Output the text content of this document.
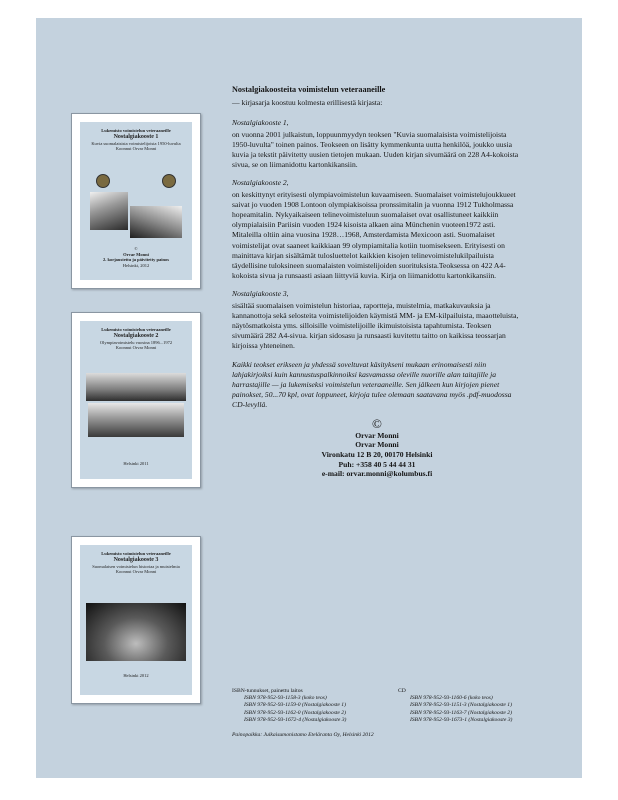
Lukemisto voimistelun veteraaneille
Nostalgiakooste 1
Kuvia suomalaisista voimistelijoista 1950-luvulta
Koonnut Orvar Monni
©
Orvar Monni
2. korjaustettu ja päivitetty painos
Helsinki, 2012
Lukemisto voimistelun veteraaneille
Nostalgiakooste 2
Olympiavoimistelu vuosina 1896...1972
Koonnut Orvar Monni
Helsinki 2011
Lukemisto voimistelun veteraaneille
Nostalgiakooste 3
Suomalaisen voimistelun historiaa ja muistelmia
Koonnut Orvar Monni
Helsinki 2012
Nostalgiakoosteita voimistelun veteraaneille

— kirjasarja koostuu kolmesta erillisestä kirjasta:

Nostalgiakooste 1,

on vuonna 2001 julkaistun, loppuunmyydyn teoksen "Kuvia suomalaisista voimistelijoista 1950-luvulta" toinen painos. Teokseen on lisätty kymmenkunta uutta henkilöä, joukko uusia kuvia ja tekstit päivitetty uusien tietojen mukaan. Uuden kirjan sivumäärä on 228 A4-kokoista sivua, se on liimanidottu kartonkikansiin.

Nostalgiakooste 2,

on keskittynyt erityisesti olympiavoimistelun kuvaamiseen. Suomalaiset voimistelujoukkueet saivat jo vuoden 1908 Lontoon olympiakisoissa pronssimitalin ja vuonna 1912 Tukholmassa hopeamitalin. Nykyaikaiseen telinevoimisteluun suomalaiset ovat osallistuneet kaikkiin olympialaisiin Pariisin vuoden 1924 kisoista alkaen aina Münchenin vuoteen1972 asti. Mitaleilla oltiin aina vuosina 1928…1968, Amsterdamista Mexicoon asti. Suomalaiset voimistelijat ovat saaneet kaikkiaan 99 olympiamitalia kotiin tuomisekseen. Erityisesti on mainittava kirjan sisältämät tulosluettelot kaikkien kisojen telinevoimistelukilpailuista täydellisine tuloksineen suomalaisten voimistelijoiden suorituksista.Teoksessa on 422 A4-kokoista sivua ja runsaasti asiaan liittyviä kuvia. Kirja on liimanidottu kartonkikansiin.

Nostalgiakooste 3,

sisältää suomalaisen voimistelun historiaa, raportteja, muistelmia, matkakuvauksia ja kannanottoja sekä selosteita voimistelijoiden käymistä MM- ja EM-kilpailuista, maaotteluista, näytösmatkoista yms. silloisille voimistelijoille ikimuistoisista tapahtumista. Teoksen sivumäärä 282 A4-sivua. kirjan sidosasu ja runsaasti kuvitettu taitto on kaikissa teossarjan kirjoissa yhteneinen.

Kaikki teokset erikseen ja yhdessä soveltuvat käsitykseni mukaan erinomaisesti niin lahjakirjoiksi kuin kannustuspalkinnoiksi kasvamassa oleville nuorille alan taitajille ja harrastajille — ja lukemiseksi voimistelun veteraaneille. Sen jälkeen kun kirjojen pienet painokset, 50...70 kpl, ovat loppuneet, kirjoja tulee olemaan saatavana myös .pdf-muodossa CD-levyllä.

©
Orvar Monni
Orvar Monni
Vironkatu 12 B 20, 00170 Helsinki
Puh: +358 40 5 44 44 31
e-mail: orvar.monni@kolumbus.fi
ISBN-tunnukset, painettu laitos
ISBN 978-952-93-1158-3 (koko teos)
ISBN 978-952-93-1159-0 (Nostalgiakooste 1)
ISBN 978-952-93-1162-0 (Nostalgiakooste 2)
ISBN 978-952-93-1672-4 (Nostalgiakooste 3)
CD
ISBN 978-952-93-1160-6 (koko teos)
ISBN 978-952-93-1151-3 (Nostalgiakooste 1)
ISBN 978-952-93-1163-7 (Nostalgiakooste 2)
ISBN 978-952-93-1673-1 (Nostalgiakooste 3)
Painopaikka: Julkaisumonistamo Eteläranta Oy, Helsinki 2012
